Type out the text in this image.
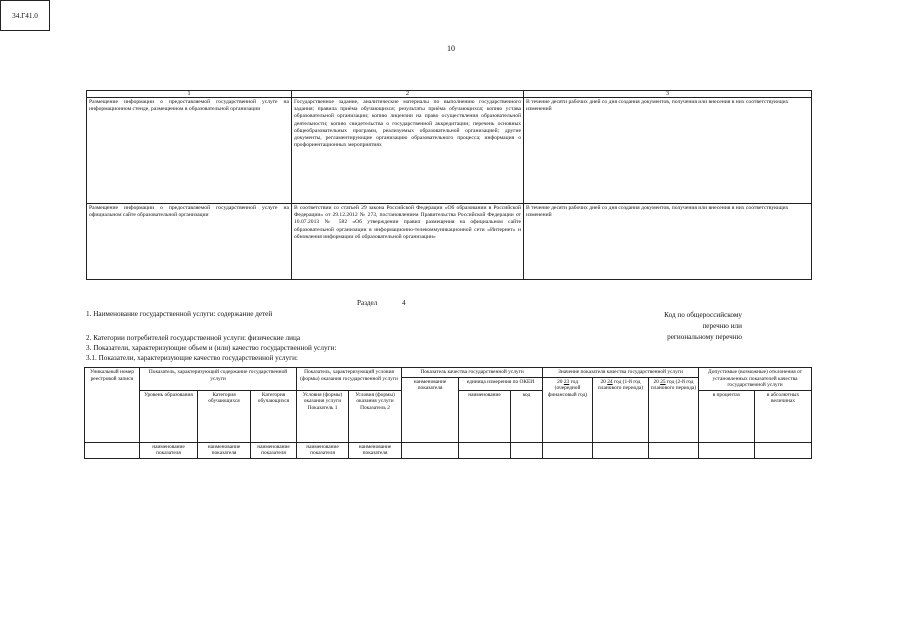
10
1	2	3
Размещение информации о предоставляемой государственной услуге на информационном стенде, размещенном в образовательной организации	Государственное задание, аналитические материалы по выполнению государственного задания; правила приёма обучающихся; результаты приёма обучающихся; копию устава образовательной организации; копию лицензии на право осуществления образовательной деятельности; копию свидетельства о государственной аккредитации; перечень основных общеобразовательных программ, реализуемых образовательной организацией; другие документы, регламентирующие организацию образовательного процесса; информация о профориентационных мероприятиях	В течение десяти рабочих дней со дня создания документов, получения или внесения в них соответствующих изменений
Размещение информации о предоставляемой государственной услуге на официальном сайте образовательной организации	В соответствии со статьей 29 закона Российской Федерации «Об образовании в Российской Федерации» от 29.12.2012 № 273, постановлением Правительства Российской Федерации от 10.07.2013 № 582 «Об утверждении правил размещения на официальном сайте образовательной организации в информационно-телекоммуникационной сети «Интернет» и обновления информации об образовательной организации»	В течение десяти рабочих дней со дня создания документов, получения или внесения в них соответствующих изменений
Раздел	4
1. Наименование государственной услуги: содержание детей
2. Категории потребителей государственной услуги: физические лица
3. Показатели, характеризующие объем и (или) качество государственной услуги:
3.1. Показатели, характеризующие качество государственной услуги:
Код по общероссийскому
перечню или
региональному перечню
34.Г41.0
Уникальный номер реестровой записи	Показатель, характеризующий содержание государственной услуги			Показатель, характеризующий условия (формы) оказания государственной услуги		Показатель качества государственной услуги			Значение показателя качества государственной услуги			Допустимые (возможные) отклонения от установленных показателей качества государственной услуги	
						наименование показателя	единица измерения по ОКЕИ		20 23 год (очередной финансовый год)	20 24 год (1-й год планового периода)	20 25 год (2-й год планового периода)		
	Уровень образования	Категория обучающихся	Категория обучающихся	Условия (формы) оказания услуги Показатель 1	Условия (формы) оказания услуги Показатель 2		наименование	код				в процентах	в абсолютных величинах
	наименование показателя	наименование показателя	наименование показателя	наименование показателя	наименование показателя								
